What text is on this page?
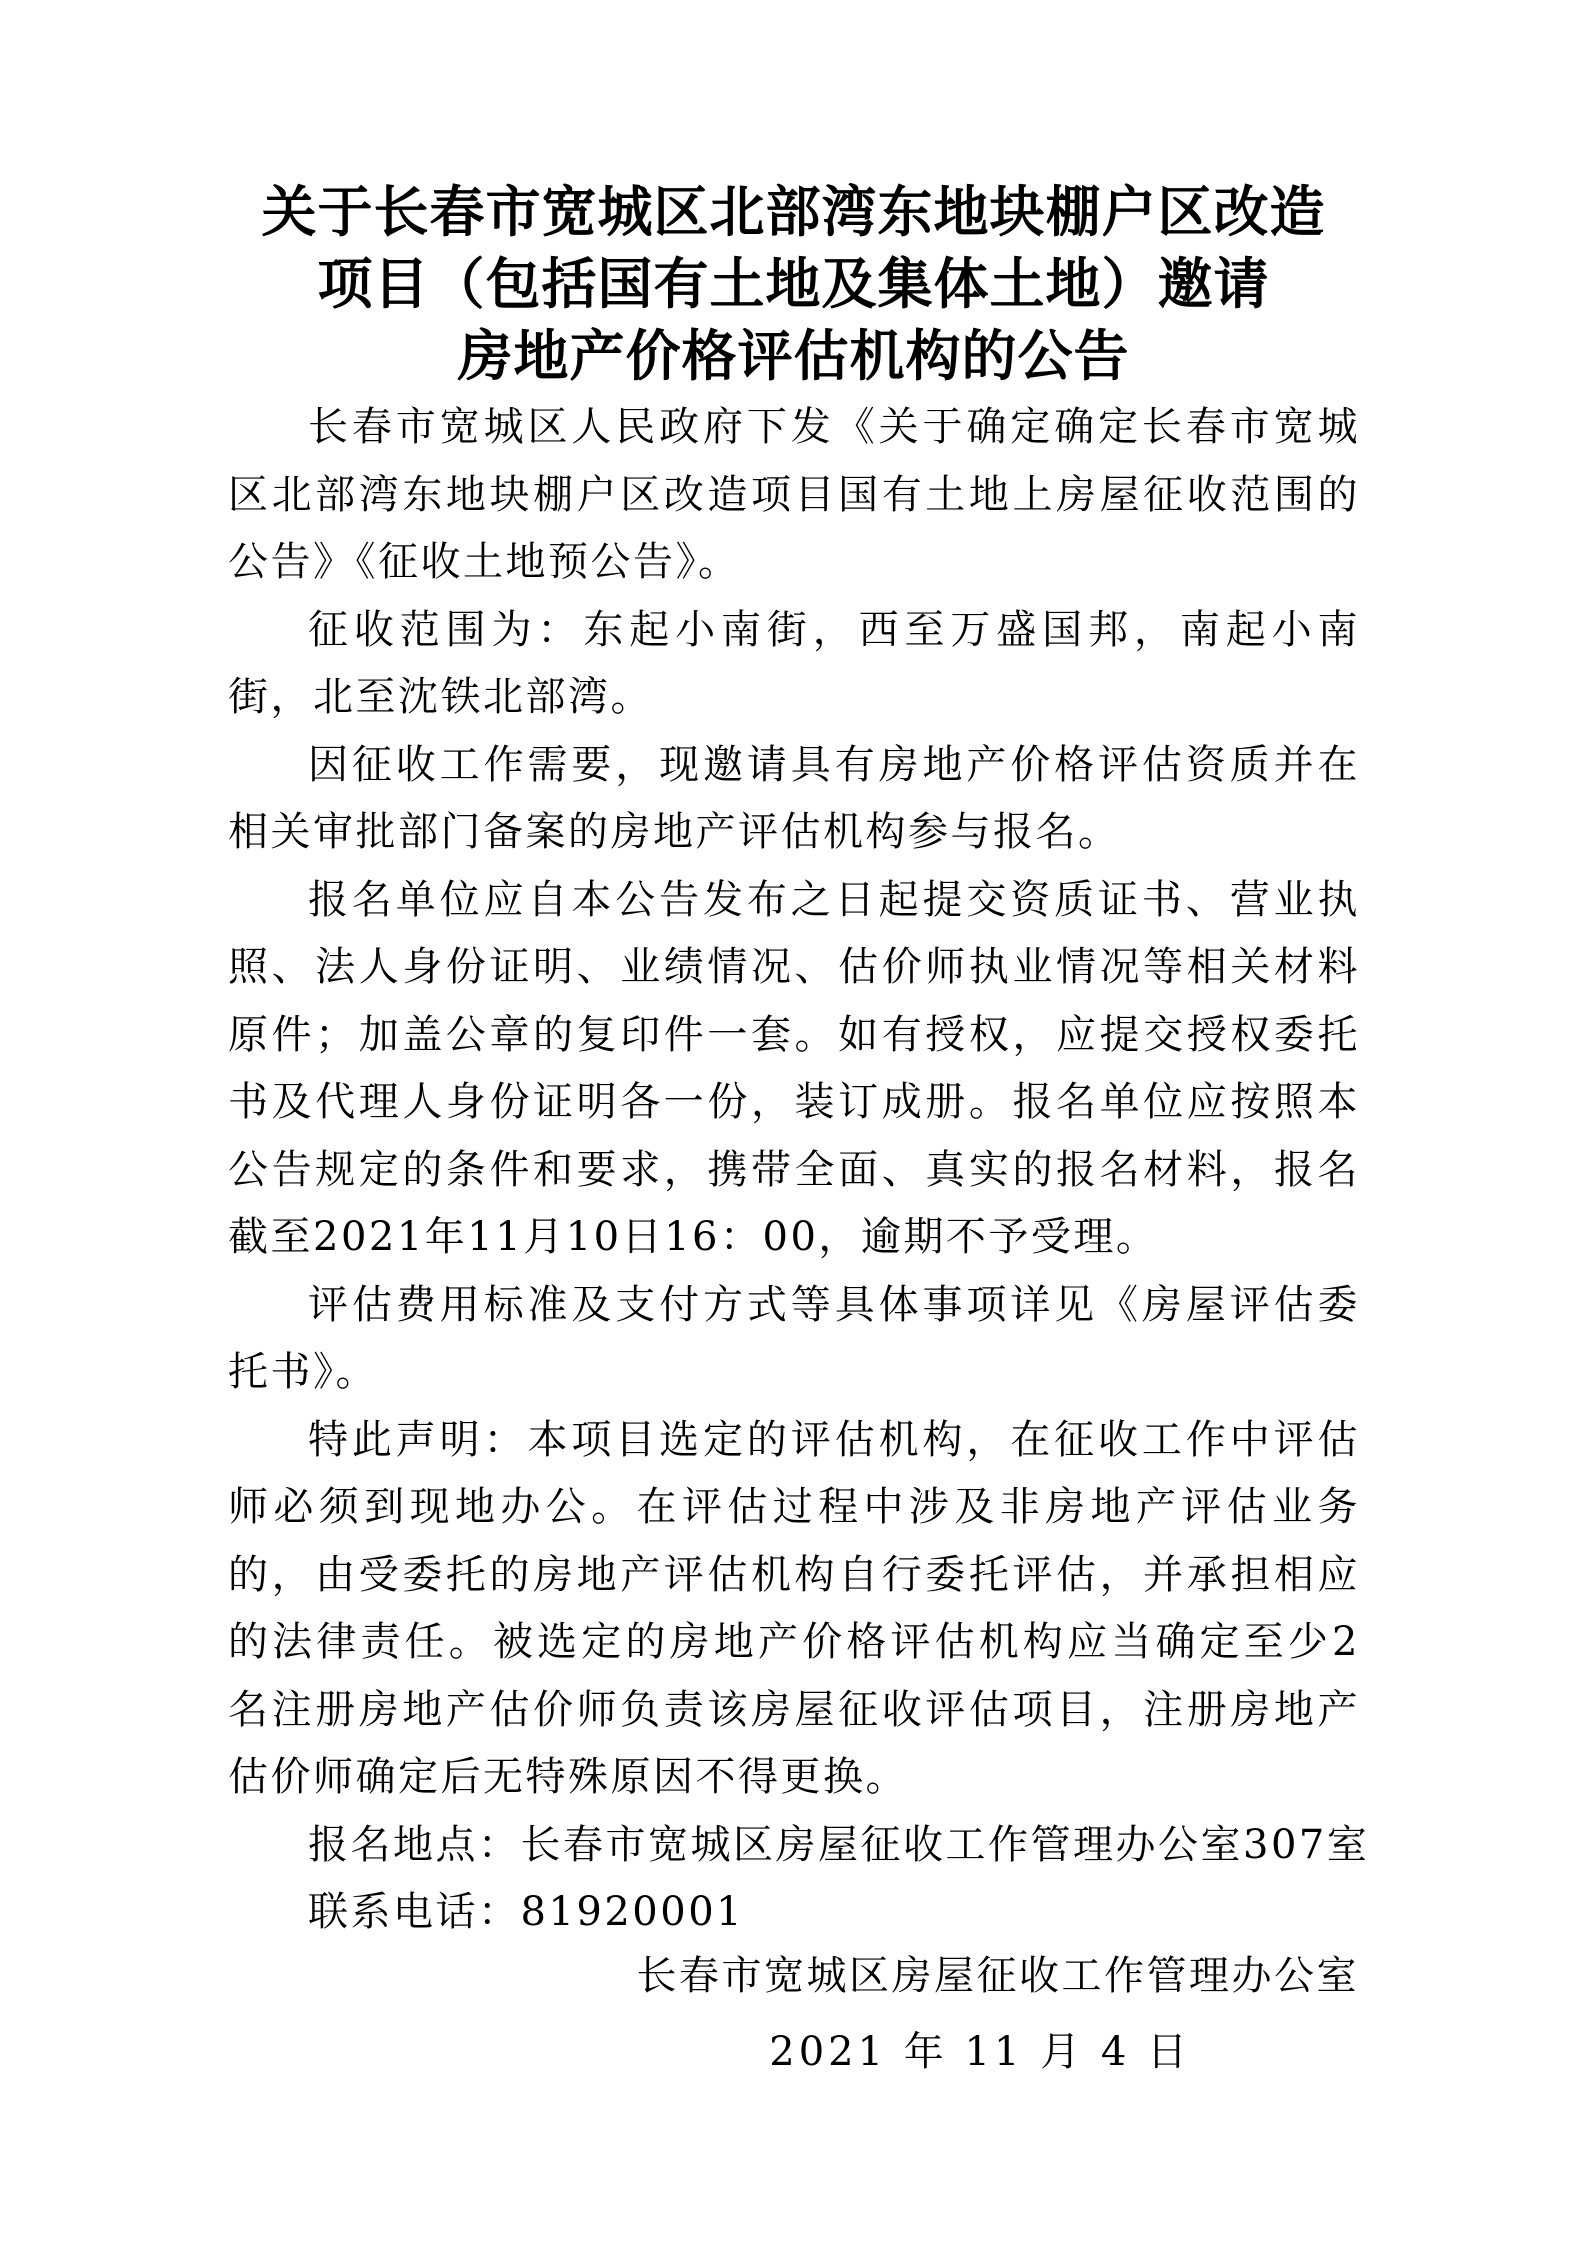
关于长春市宽城区北部湾东地块棚户区改造
项目（包括国有土地及集体土地）邀请
房地产价格评估机构的公告

长春市宽城区人民政府下发《关于确定确定长春市宽城区北部湾东地块棚户区改造项目国有土地上房屋征收范围的公告》《征收土地预公告》。

征收范围为：东起小南街，西至万盛国邦，南起小南街，北至沈铁北部湾。

因征收工作需要，现邀请具有房地产价格评估资质并在相关审批部门备案的房地产评估机构参与报名。

报名单位应自本公告发布之日起提交资质证书、营业执照、法人身份证明、业绩情况、估价师执业情况等相关材料原件；加盖公章的复印件一套。如有授权，应提交授权委托书及代理人身份证明各一份，装订成册。报名单位应按照本公告规定的条件和要求，携带全面、真实的报名材料，报名截至2021年11月10日16：00，逾期不予受理。

评估费用标准及支付方式等具体事项详见《房屋评估委托书》。

特此声明：本项目选定的评估机构，在征收工作中评估师必须到现地办公。在评估过程中涉及非房地产评估业务的，由受委托的房地产评估机构自行委托评估，并承担相应的法律责任。被选定的房地产价格评估机构应当确定至少2名注册房地产估价师负责该房屋征收评估项目，注册房地产估价师确定后无特殊原因不得更换。

报名地点：长春市宽城区房屋征收工作管理办公室307室

联系电话：81920001

长春市宽城区房屋征收工作管理办公室
2021 年 11 月 4 日
